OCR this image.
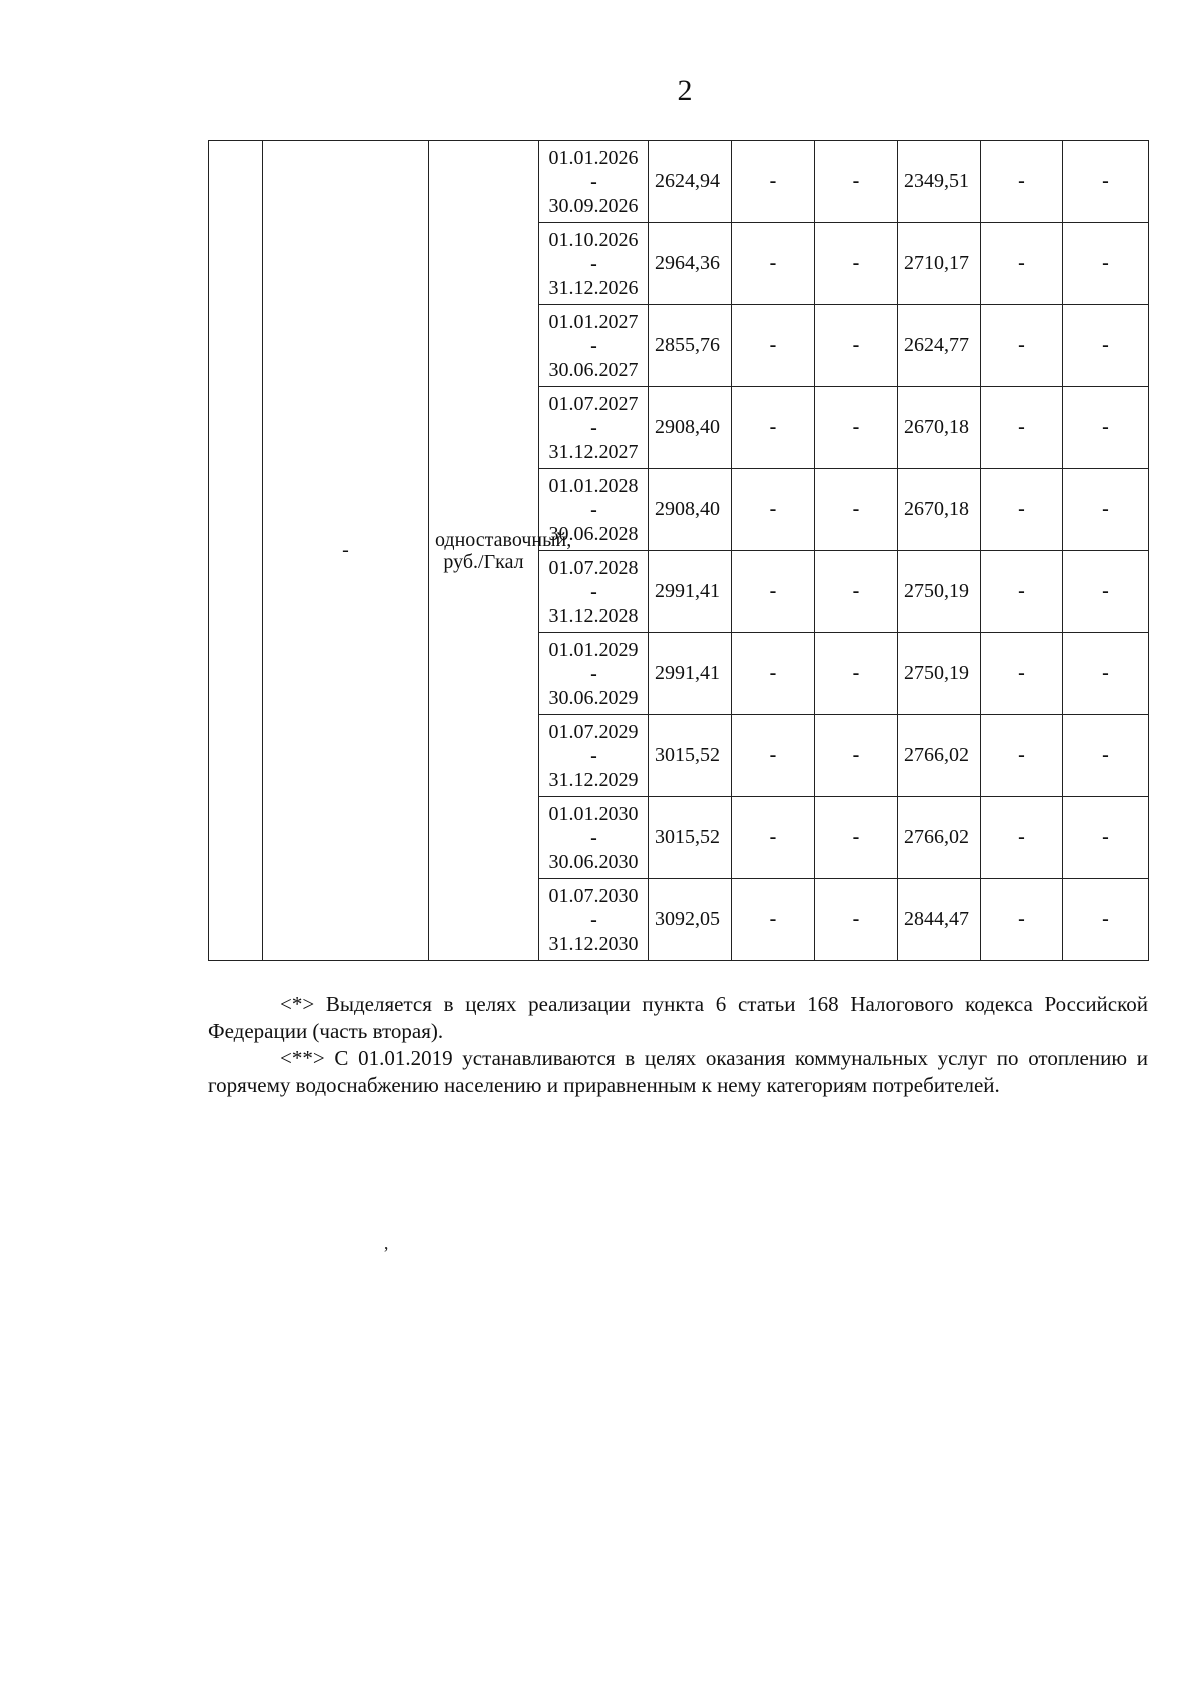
2
	-	одноставочный, руб./Гкал	01.01.2026
-
30.09.2026	2624,94	-	-	2349,51	-	-

			01.10.2026
-
31.12.2026	2964,36	-	-	2710,17	-	-

			01.01.2027
-
30.06.2027	2855,76	-	-	2624,77	-	-

			01.07.2027
-
31.12.2027	2908,40	-	-	2670,18	-	-

			01.01.2028
-
30.06.2028	2908,40	-	-	2670,18	-	-

			01.07.2028
-
31.12.2028	2991,41	-	-	2750,19	-	-

			01.01.2029
-
30.06.2029	2991,41	-	-	2750,19	-	-

			01.07.2029
-
31.12.2029	3015,52	-	-	2766,02	-	-

			01.01.2030
-
30.06.2030	3015,52	-	-	2766,02	-	-

			01.07.2030
-
31.12.2030	3092,05	-	-	2844,47	-	-

<*> Выделяется в целях реализации пункта 6 статьи 168 Налогового кодекса Российской Федерации (часть вторая).

<**> С 01.01.2019 устанавливаются в целях оказания коммунальных услуг по отоплению и горячему водоснабжению населению и приравненным к нему категориям потребителей.

ʼ
